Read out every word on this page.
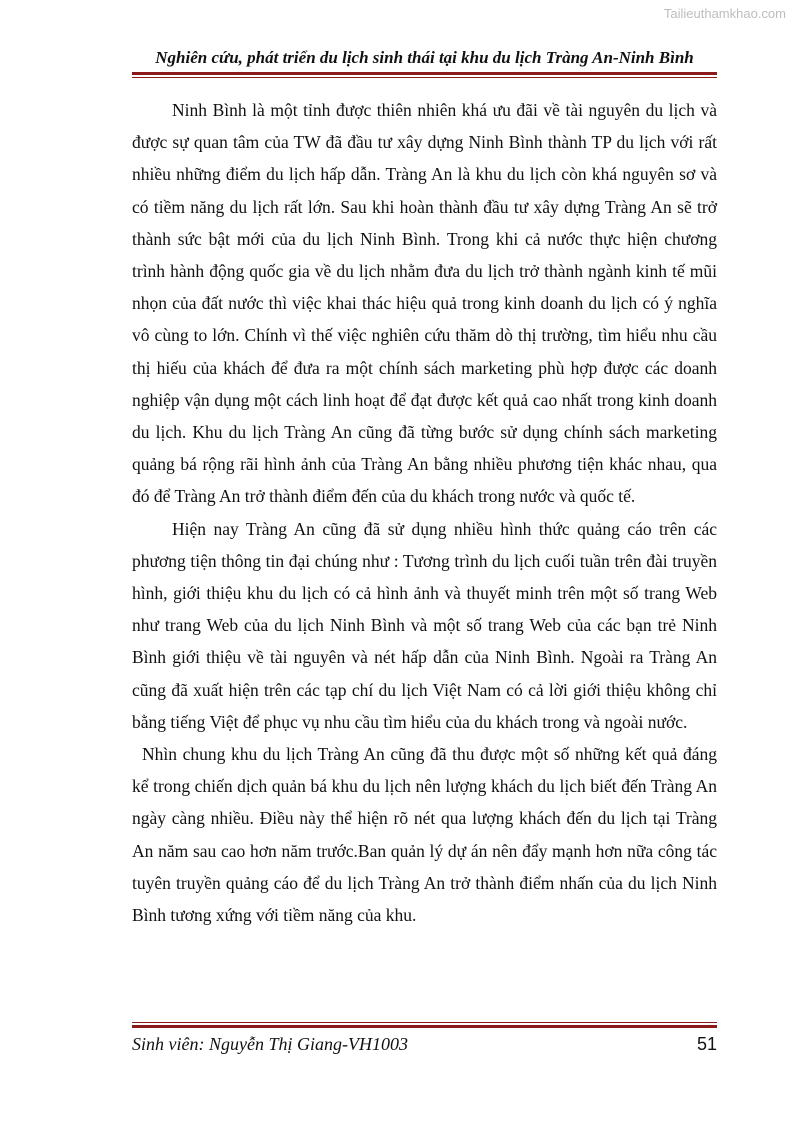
Tailieuthamkhao.com
Nghiên cứu, phát triển du lịch sinh thái tại khu du lịch Tràng An-Ninh Bình

Ninh Bình là một tỉnh được thiên nhiên khá ưu đãi về tài nguyên du lịch và được sự quan tâm của TW đã đầu tư xây dựng Ninh Bình thành TP du lịch với rất nhiều những điểm du lịch hấp dẫn. Tràng An là khu du lịch còn khá nguyên sơ và có tiềm năng du lịch rất lớn. Sau khi hoàn thành đầu tư xây dựng Tràng An sẽ trở thành sức bật mới của du lịch Ninh Bình. Trong khi cả nước thực hiện chương trình hành động quốc gia về du lịch nhằm đưa du lịch trở thành ngành kinh tế mũi nhọn của đất nước thì việc khai thác hiệu quả trong kinh doanh du lịch có ý nghĩa vô cùng to lớn. Chính vì thế việc nghiên cứu thăm dò thị trường, tìm hiểu nhu cầu thị hiếu của khách để đưa ra một chính sách marketing phù hợp được các doanh nghiệp vận dụng một cách linh hoạt để đạt được kết quả cao nhất trong kinh doanh du lịch. Khu du lịch Tràng An cũng đã từng bước sử dụng chính sách marketing quảng bá rộng rãi hình ảnh của Tràng An bằng nhiều phương tiện khác nhau, qua đó để Tràng An trở thành điểm đến của du khách trong nước và quốc tế.

Hiện nay Tràng An cũng đã sử dụng nhiều hình thức quảng cáo trên các phương tiện thông tin đại chúng như : Tương trình du lịch cuối tuần trên đài truyền hình, giới thiệu khu du lịch có cả hình ảnh và thuyết minh trên một số trang Web như trang Web của du lịch Ninh Bình và một số trang Web của các bạn trẻ Ninh Bình giới thiệu về tài nguyên và nét hấp dẫn của Ninh Bình. Ngoài ra Tràng An cũng đã xuất hiện trên các tạp chí du lịch Việt Nam có cả lời giới thiệu không chỉ bằng tiếng Việt để phục vụ nhu cầu tìm hiểu của du khách trong và ngoài nước.

Nhìn chung khu du lịch Tràng An cũng đã thu được một số những kết quả đáng kể trong chiến dịch quản bá khu du lịch nên lượng khách du lịch biết đến Tràng An ngày càng nhiều. Điều này thể hiện rõ nét qua lượng khách đến du lịch tại Tràng An năm sau cao hơn năm trước.Ban quản lý dự án nên đẩy mạnh hơn nữa công tác tuyên truyền quảng cáo để du lịch Tràng An trở thành điểm nhấn của du lịch Ninh Bình tương xứng với tiềm năng của khu.

Sinh viên: Nguyễn Thị Giang-VH1003	51
